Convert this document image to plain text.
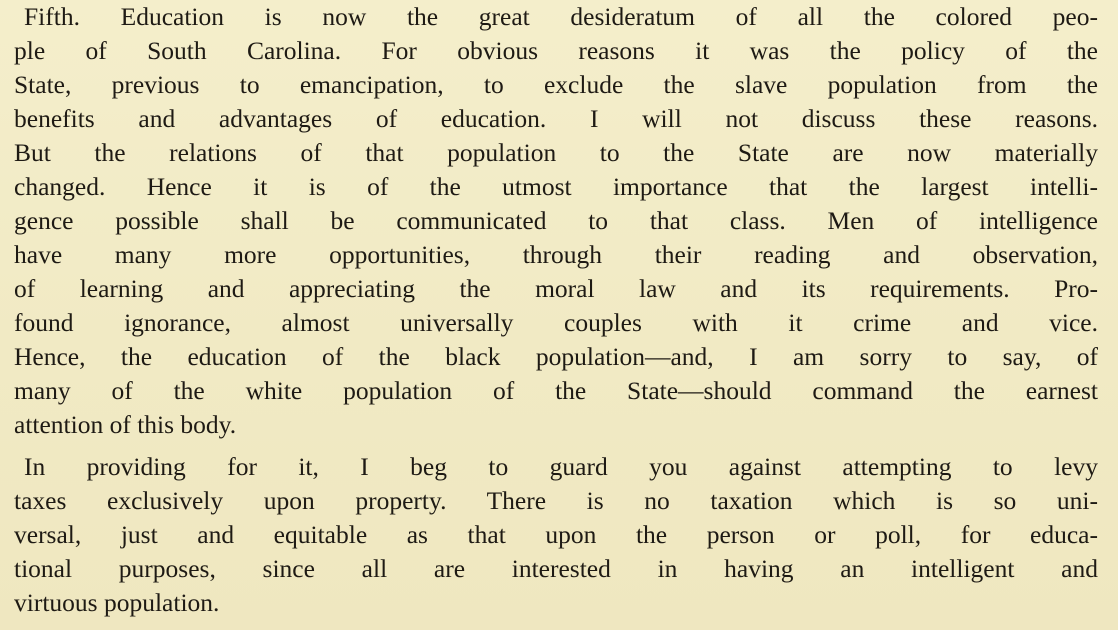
Fifth. Education is now the great desideratum of all the colored peo-

ple of South Carolina. For obvious reasons it was the policy of the

State, previous to emancipation, to exclude the slave population from the

benefits and advantages of education. I will not discuss these reasons.

But the relations of that population to the State are now materially

changed. Hence it is of the utmost importance that the largest intelli-

gence possible shall be communicated to that class. Men of intelligence

have many more opportunities, through their reading and observation,

of learning and appreciating the moral law and its requirements. Pro-

found ignorance, almost universally couples with it crime and vice.

Hence, the education of the black population—and, I am sorry to say, of

many of the white population of the State—should command the earnest

attention of this body.

In providing for it, I beg to guard you against attempting to levy

taxes exclusively upon property. There is no taxation which is so uni-

versal, just and equitable as that upon the person or poll, for educa-

tional purposes, since all are interested in having an intelligent and

virtuous population.
